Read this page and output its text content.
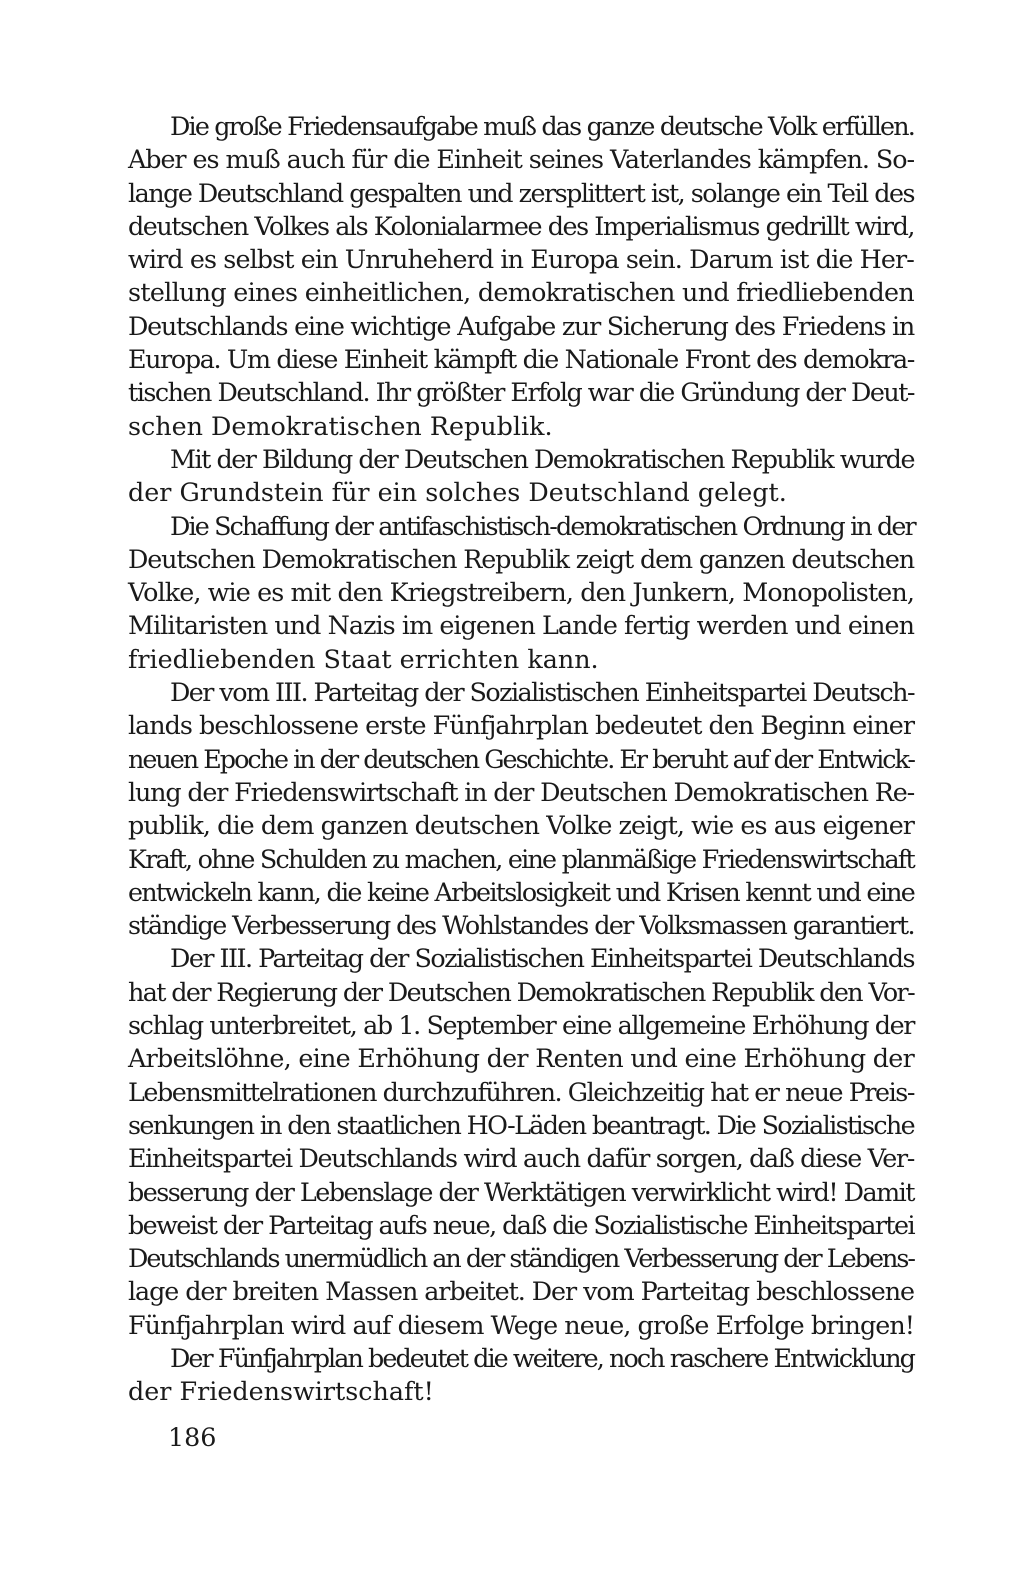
Die große Friedensaufgabe muß das ganze deutsche Volk erfüllen.
Aber es muß auch für die Einheit seines Vaterlandes kämpfen. So-
lange Deutschland gespalten und zersplittert ist, solange ein Teil des
deutschen Volkes als Kolonialarmee des Imperialismus gedrillt wird,
wird es selbst ein Unruheherd in Europa sein. Darum ist die Her-
stellung eines einheitlichen, demokratischen und friedliebenden
Deutschlands eine wichtige Aufgabe zur Sicherung des Friedens in
Europa. Um diese Einheit kämpft die Nationale Front des demokra-
tischen Deutschland. Ihr größter Erfolg war die Gründung der Deut-
schen Demokratischen Republik.
Mit der Bildung der Deutschen Demokratischen Republik wurde
der Grundstein für ein solches Deutschland gelegt.
Die Schaffung der antifaschistisch-demokratischen Ordnung in der
Deutschen Demokratischen Republik zeigt dem ganzen deutschen
Volke, wie es mit den Kriegstreibern, den Junkern, Monopolisten,
Militaristen und Nazis im eigenen Lande fertig werden und einen
friedliebenden Staat errichten kann.
Der vom III. Parteitag der Sozialistischen Einheitspartei Deutsch-
lands beschlossene erste Fünfjahrplan bedeutet den Beginn einer
neuen Epoche in der deutschen Geschichte. Er beruht auf der Entwick-
lung der Friedenswirtschaft in der Deutschen Demokratischen Re-
publik, die dem ganzen deutschen Volke zeigt, wie es aus eigener
Kraft, ohne Schulden zu machen, eine planmäßige Friedenswirtschaft
entwickeln kann, die keine Arbeitslosigkeit und Krisen kennt und eine
ständige Verbesserung des Wohlstandes der Volksmassen garantiert.
Der III. Parteitag der Sozialistischen Einheitspartei Deutschlands
hat der Regierung der Deutschen Demokratischen Republik den Vor-
schlag unterbreitet, ab 1. September eine allgemeine Erhöhung der
Arbeitslöhne, eine Erhöhung der Renten und eine Erhöhung der
Lebensmittelrationen durchzuführen. Gleichzeitig hat er neue Preis-
senkungen in den staatlichen HO-Läden beantragt. Die Sozialistische
Einheitspartei Deutschlands wird auch dafür sorgen, daß diese Ver-
besserung der Lebenslage der Werktätigen verwirklicht wird! Damit
beweist der Parteitag aufs neue, daß die Sozialistische Einheitspartei
Deutschlands unermüdlich an der ständigen Verbesserung der Lebens-
lage der breiten Massen arbeitet. Der vom Parteitag beschlossene
Fünfjahrplan wird auf diesem Wege neue, große Erfolge bringen!
Der Fünfjahrplan bedeutet die weitere, noch raschere Entwicklung
der Friedenswirtschaft!
186
